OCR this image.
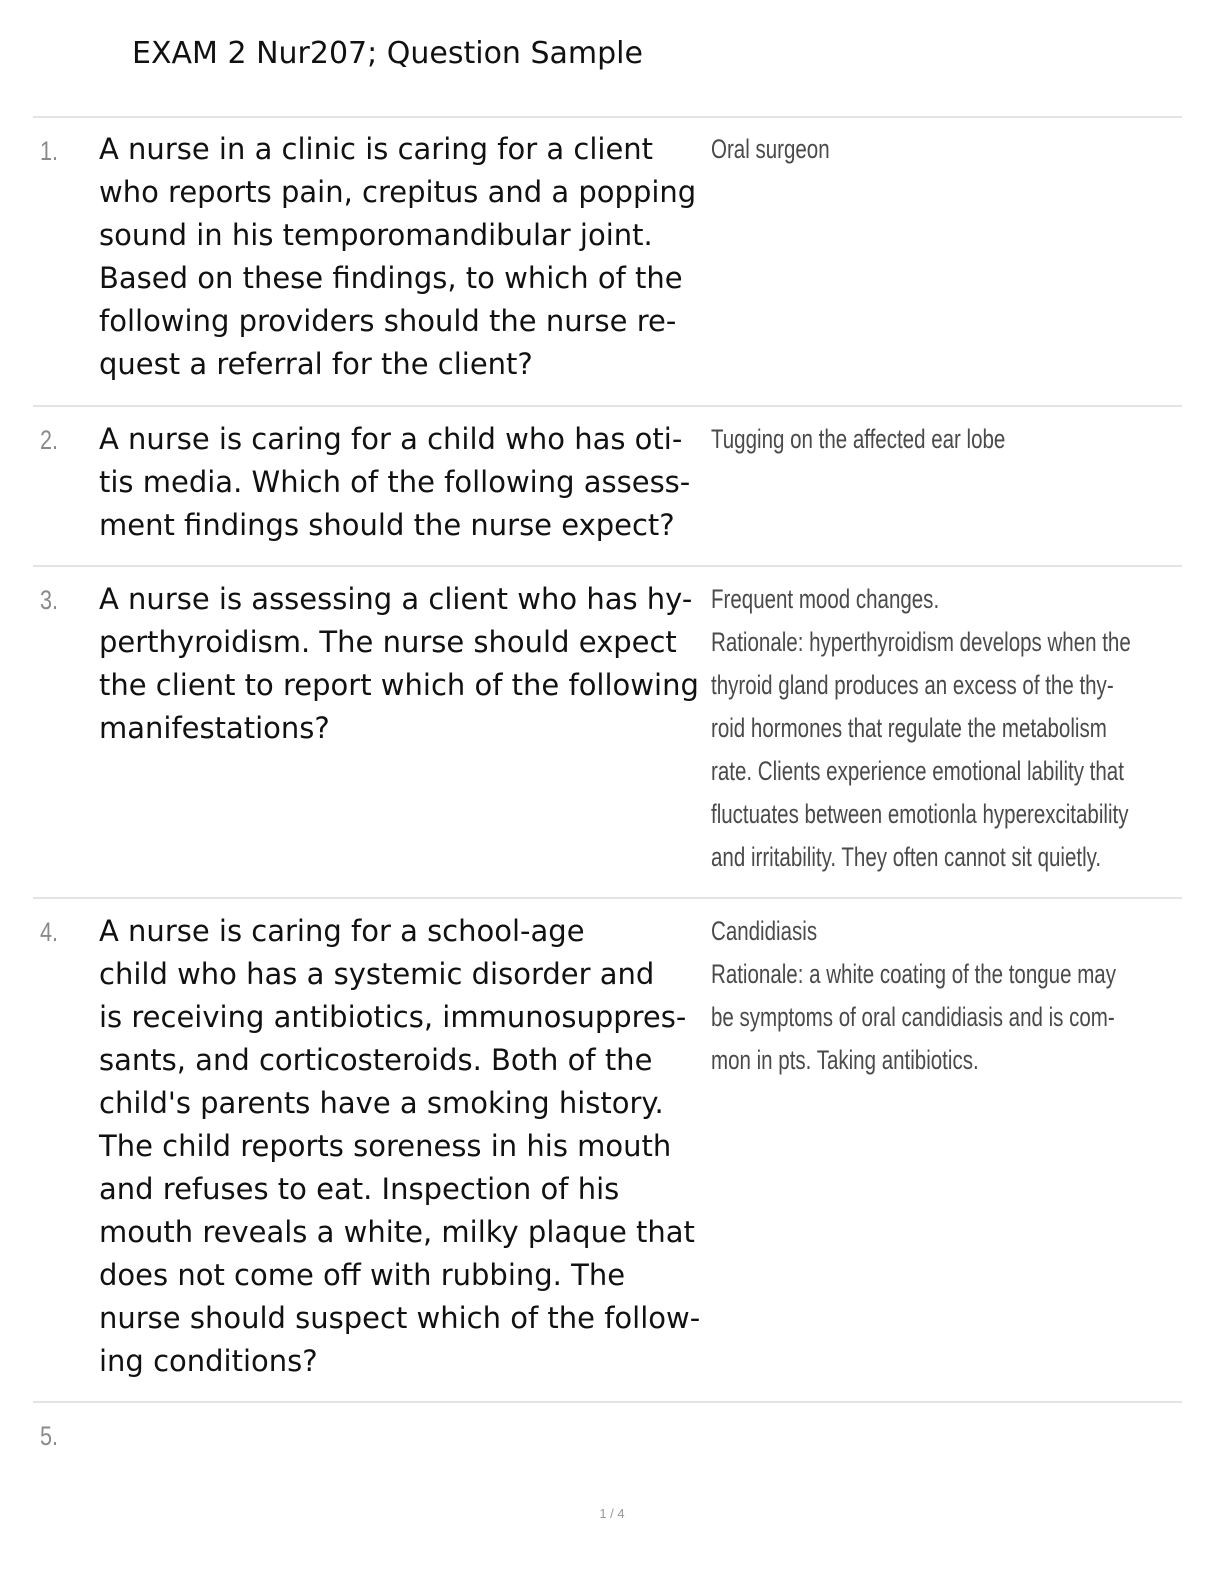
EXAM 2 Nur207; Question Sample
1. A nurse in a clinic is caring for a client
who reports pain, crepitus and a popping
sound in his temporomandibular joint.
Based on these findings, to which of the
following providers should the nurse re-
quest a referral for the client?
Oral surgeon
2. A nurse is caring for a child who has oti-
tis media. Which of the following assess-
ment findings should the nurse expect?
Tugging on the affected ear lobe
3. A nurse is assessing a client who has hy-
perthyroidism. The nurse should expect
the client to report which of the following
manifestations?
Frequent mood changes.
Rationale: hyperthyroidism develops when the
thyroid gland produces an excess of the thy-
roid hormones that regulate the metabolism
rate. Clients experience emotional lability that
fluctuates between emotionla hyperexcitability
and irritability. They often cannot sit quietly.
4. A nurse is caring for a school-age
child who has a systemic disorder and
is receiving antibiotics, immunosuppres-
sants, and corticosteroids. Both of the
child's parents have a smoking history.
The child reports soreness in his mouth
and refuses to eat. Inspection of his
mouth reveals a white, milky plaque that
does not come off with rubbing. The
nurse should suspect which of the follow-
ing conditions?
Candidiasis
Rationale: a white coating of the tongue may
be symptoms of oral candidiasis and is com-
mon in pts. Taking antibiotics.
5.
1 / 4
